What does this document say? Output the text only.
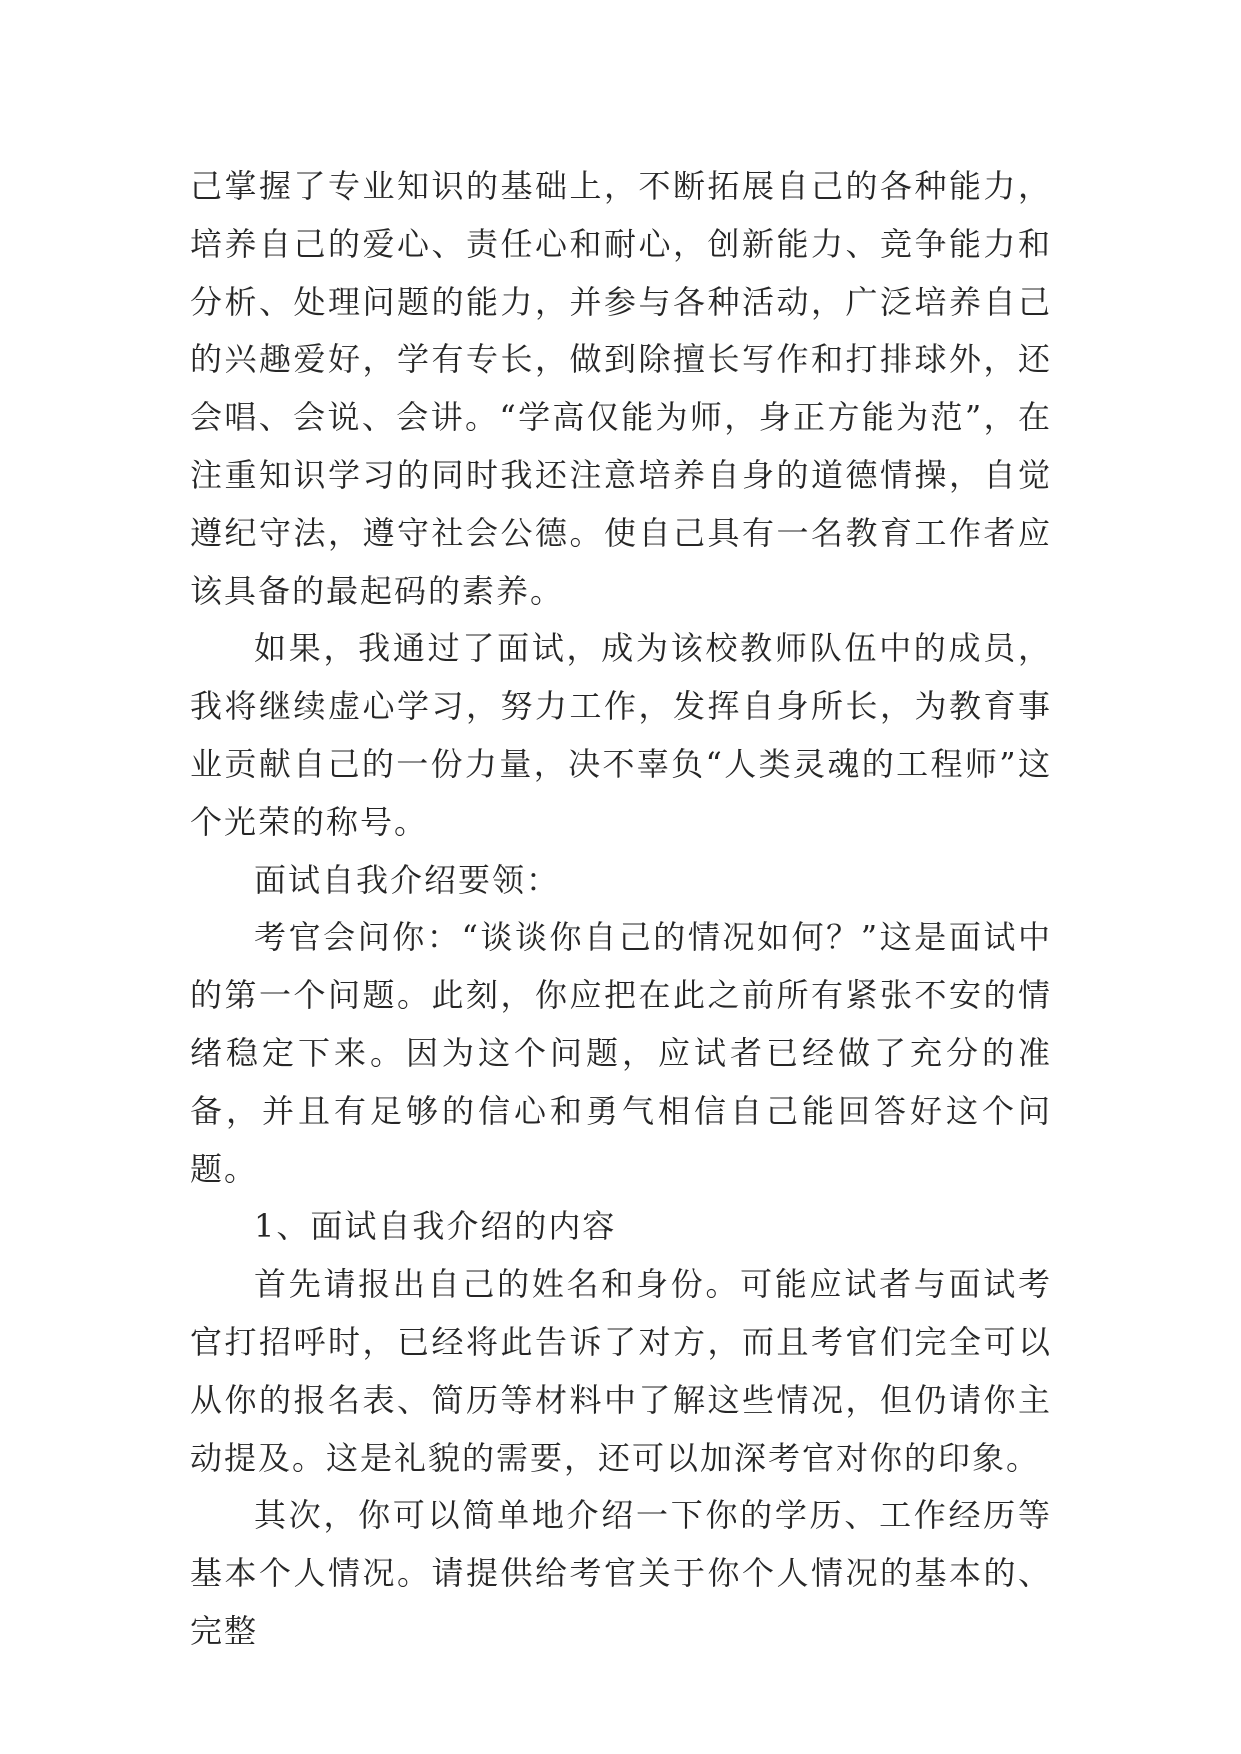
己掌握了专业知识的基础上，不断拓展自己的各种能力，培养自己的爱心、责任心和耐心，创新能力、竞争能力和分析、处理问题的能力，并参与各种活动，广泛培养自己的兴趣爱好，学有专长，做到除擅长写作和打排球外，还会唱、会说、会讲。“学高仅能为师，身正方能为范”，在注重知识学习的同时我还注意培养自身的道德情操，自觉遵纪守法，遵守社会公德。使自己具有一名教育工作者应该具备的最起码的素养。

如果，我通过了面试，成为该校教师队伍中的成员，我将继续虚心学习，努力工作，发挥自身所长，为教育事业贡献自己的一份力量，决不辜负“人类灵魂的工程师”这个光荣的称号。

面试自我介绍要领：

考官会问你：“谈谈你自己的情况如何？”这是面试中的第一个问题。此刻，你应把在此之前所有紧张不安的情绪稳定下来。因为这个问题，应试者已经做了充分的准备，并且有足够的信心和勇气相信自己能回答好这个问题。

1、面试自我介绍的内容

首先请报出自己的姓名和身份。可能应试者与面试考官打招呼时，已经将此告诉了对方，而且考官们完全可以从你的报名表、简历等材料中了解这些情况，但仍请你主动提及。这是礼貌的需要，还可以加深考官对你的印象。

其次，你可以简单地介绍一下你的学历、工作经历等基本个人情况。请提供给考官关于你个人情况的基本的、完整
